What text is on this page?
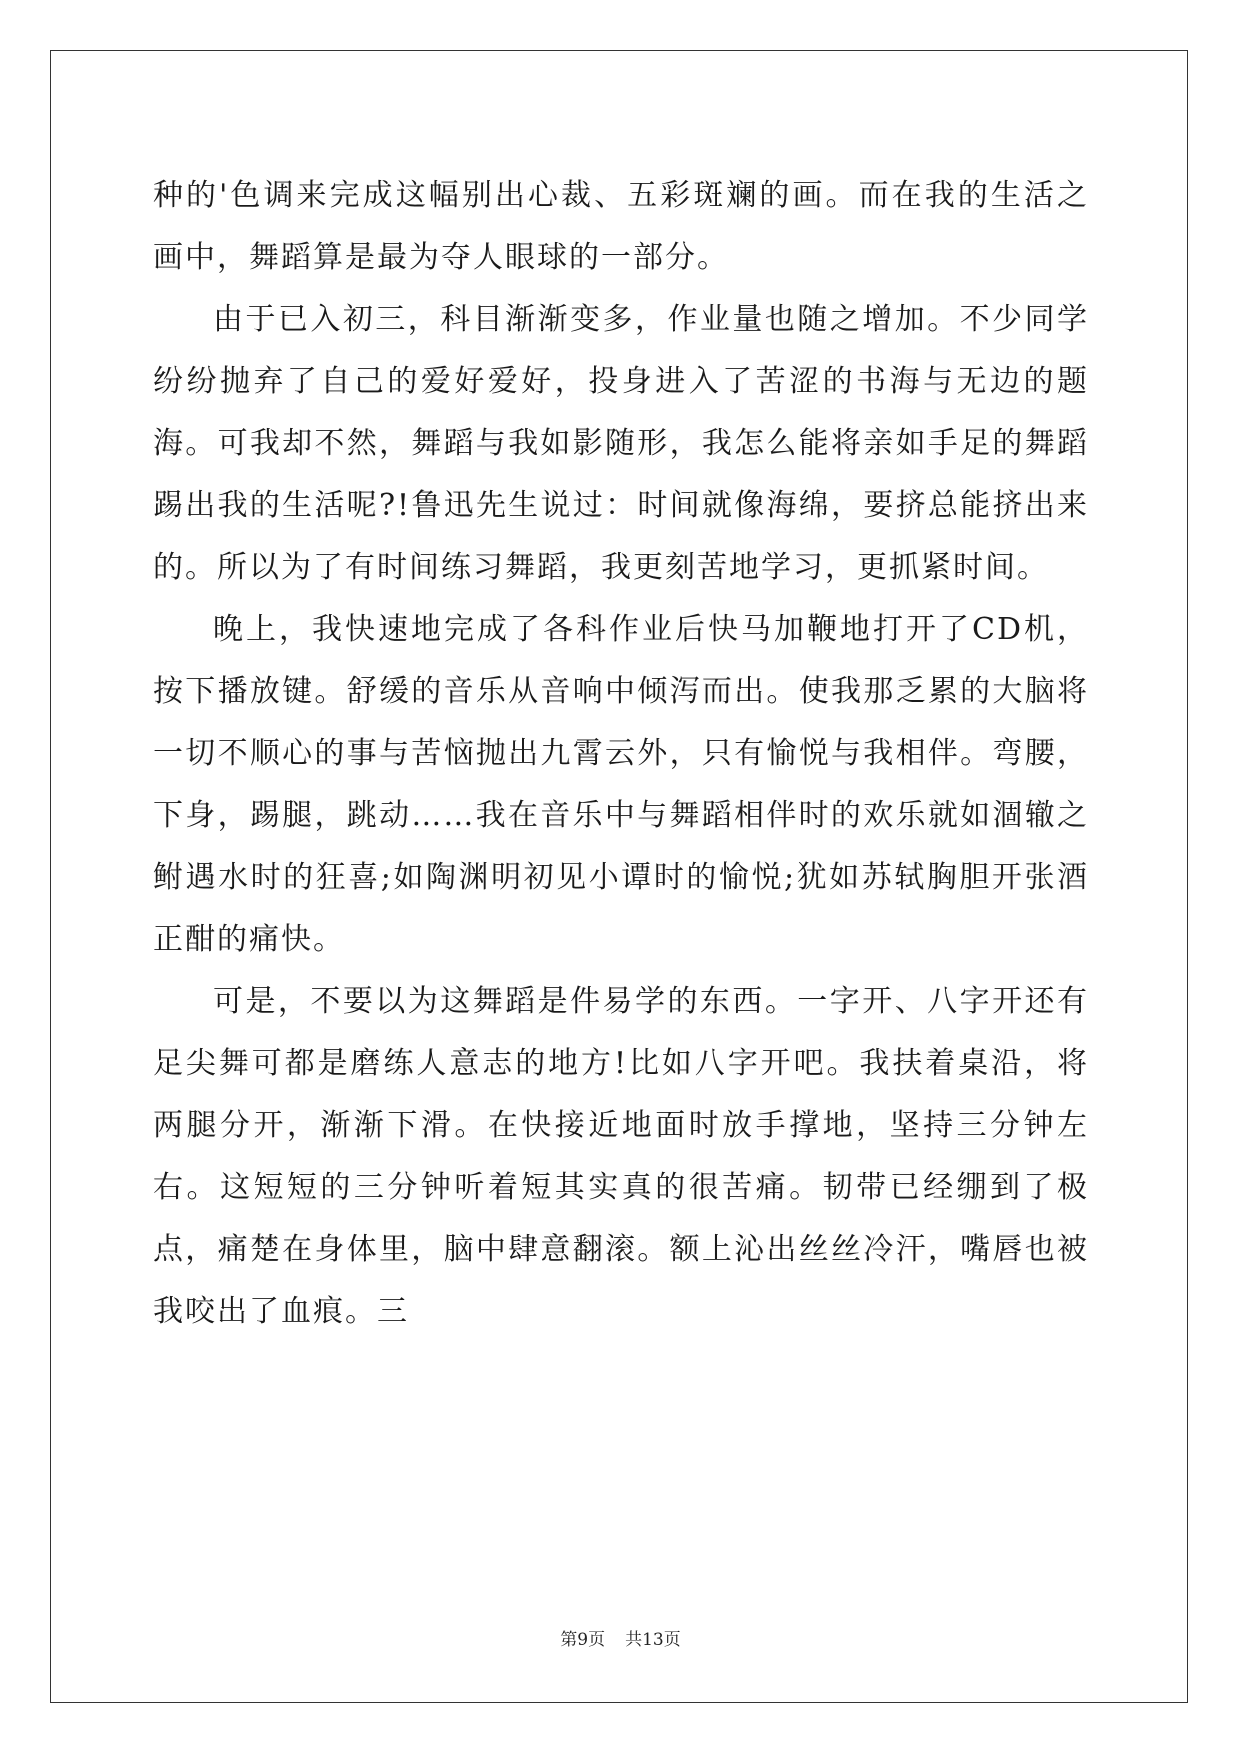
种的'色调来完成这幅别出心裁、五彩斑斓的画。而在我的生活之画中，舞蹈算是最为夺人眼球的一部分。

由于已入初三，科目渐渐变多，作业量也随之增加。不少同学纷纷抛弃了自己的爱好爱好，投身进入了苦涩的书海与无边的题海。可我却不然，舞蹈与我如影随形，我怎么能将亲如手足的舞蹈踢出我的生活呢?!鲁迅先生说过：时间就像海绵，要挤总能挤出来的。所以为了有时间练习舞蹈，我更刻苦地学习，更抓紧时间。

晚上，我快速地完成了各科作业后快马加鞭地打开了CD机，按下播放键。舒缓的音乐从音响中倾泻而出。使我那乏累的大脑将一切不顺心的事与苦恼抛出九霄云外，只有愉悦与我相伴。弯腰，下身，踢腿，跳动……我在音乐中与舞蹈相伴时的欢乐就如涸辙之鲋遇水时的狂喜;如陶渊明初见小谭时的愉悦;犹如苏轼胸胆开张酒正酣的痛快。

可是，不要以为这舞蹈是件易学的东西。一字开、八字开还有足尖舞可都是磨练人意志的地方!比如八字开吧。我扶着桌沿，将两腿分开，渐渐下滑。在快接近地面时放手撑地，坚持三分钟左右。这短短的三分钟听着短其实真的很苦痛。韧带已经绷到了极点，痛楚在身体里，脑中肆意翻滚。额上沁出丝丝冷汗，嘴唇也被我咬出了血痕。三

第9页 共13页
